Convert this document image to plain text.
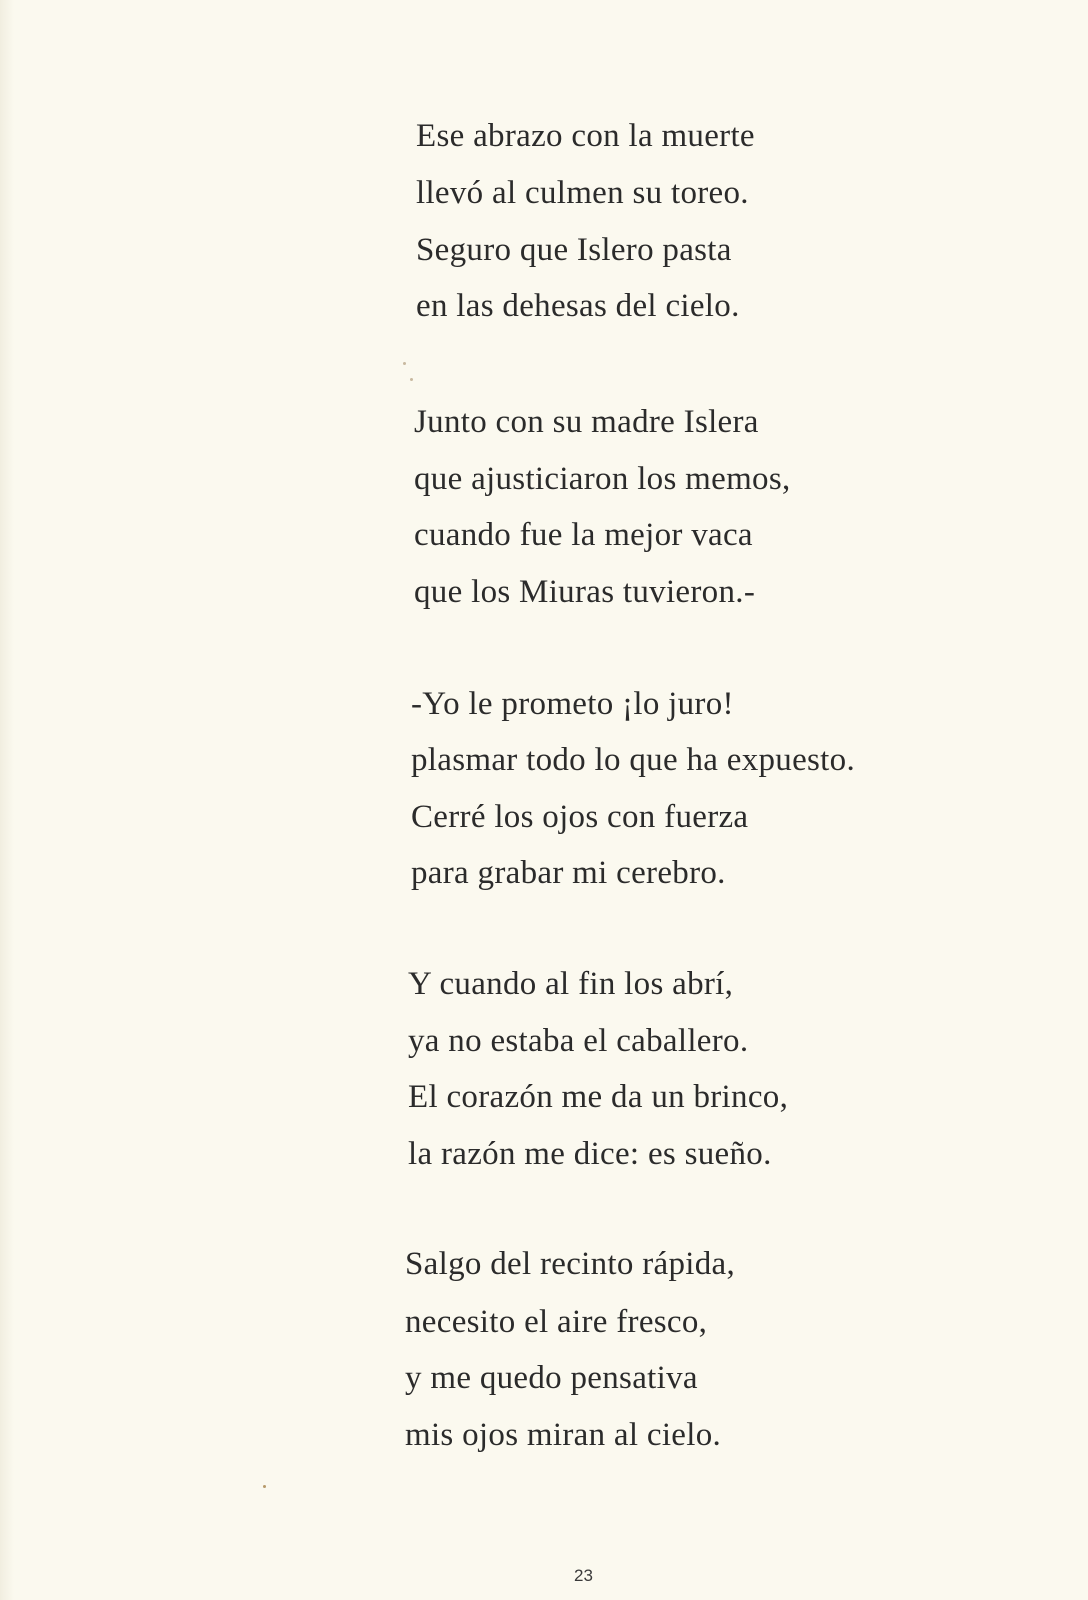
Ese abrazo con la muerte
llevó al culmen su toreo.
Seguro que Islero pasta
en las dehesas del cielo.
Junto con su madre Islera
que ajusticiaron los memos,
cuando fue la mejor vaca
que los Miuras tuvieron.-
-Yo le prometo ¡lo juro!
plasmar todo lo que ha expuesto.
Cerré los ojos con fuerza
para grabar mi cerebro.
Y cuando al fin los abrí,
ya no estaba el caballero.
El corazón me da un brinco,
la razón me dice: es sueño.
Salgo del recinto rápida,
necesito el aire fresco,
y me quedo pensativa
mis ojos miran al cielo.
23
